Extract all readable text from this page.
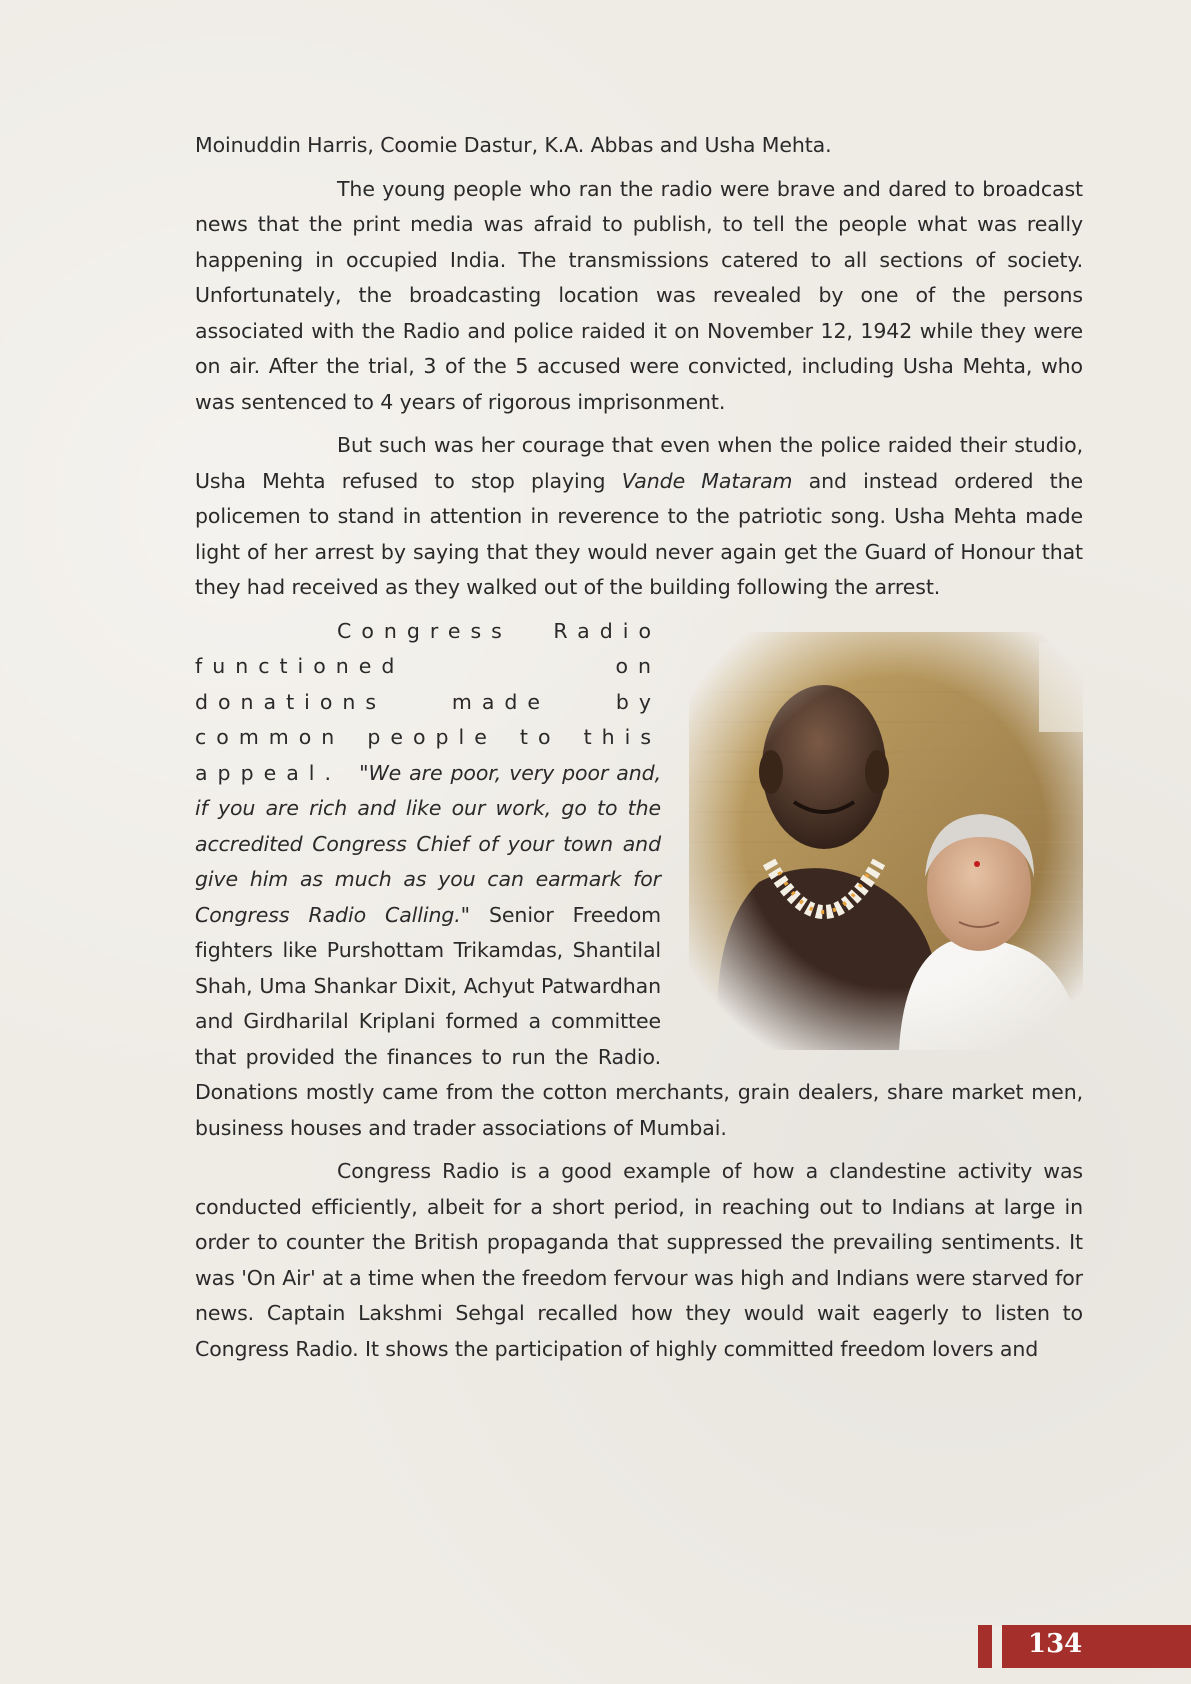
Moinuddin Harris, Coomie Dastur, K.A. Abbas and Usha Mehta.

The young people who ran the radio were brave and dared to broadcast news that the print media was afraid to publish, to tell the people what was really happening in occupied India. The transmissions catered to all sections of society. Unfortunately, the broadcasting location was revealed by one of the persons associated with the Radio and police raided it on November 12, 1942 while they were on air. After the trial, 3 of the 5 accused were convicted, including Usha Mehta, who was sentenced to 4 years of rigorous imprisonment.

But such was her courage that even when the police raided their studio, Usha Mehta refused to stop playing Vande Mataram and instead ordered the policemen to stand in attention in reverence to the patriotic song. Usha Mehta made light of her arrest by saying that they would never again get the Guard of Honour that they had received as they walked out of the building following the arrest.

Congress Radio functioned on donations made by common people to this appeal. "We are poor, very poor and, if you are rich and like our work, go to the accredited Congress Chief of your town and give him as much as you can earmark for Congress Radio Calling." Senior Freedom fighters like Purshottam Trikamdas, Shantilal Shah, Uma Shankar Dixit, Achyut Patwardhan and Girdharilal Kriplani formed a committee that provided the finances to run the Radio. Donations mostly came from the cotton merchants, grain dealers, share market men, business houses and trader associations of Mumbai.

Congress Radio is a good example of how a clandestine activity was conducted efficiently, albeit for a short period, in reaching out to Indians at large in order to counter the British propaganda that suppressed the prevailing sentiments. It was 'On Air' at a time when the freedom fervour was high and Indians were starved for news. Captain Lakshmi Sehgal recalled how they would wait eagerly to listen to Congress Radio. It shows the participation of highly committed freedom lovers and

134
